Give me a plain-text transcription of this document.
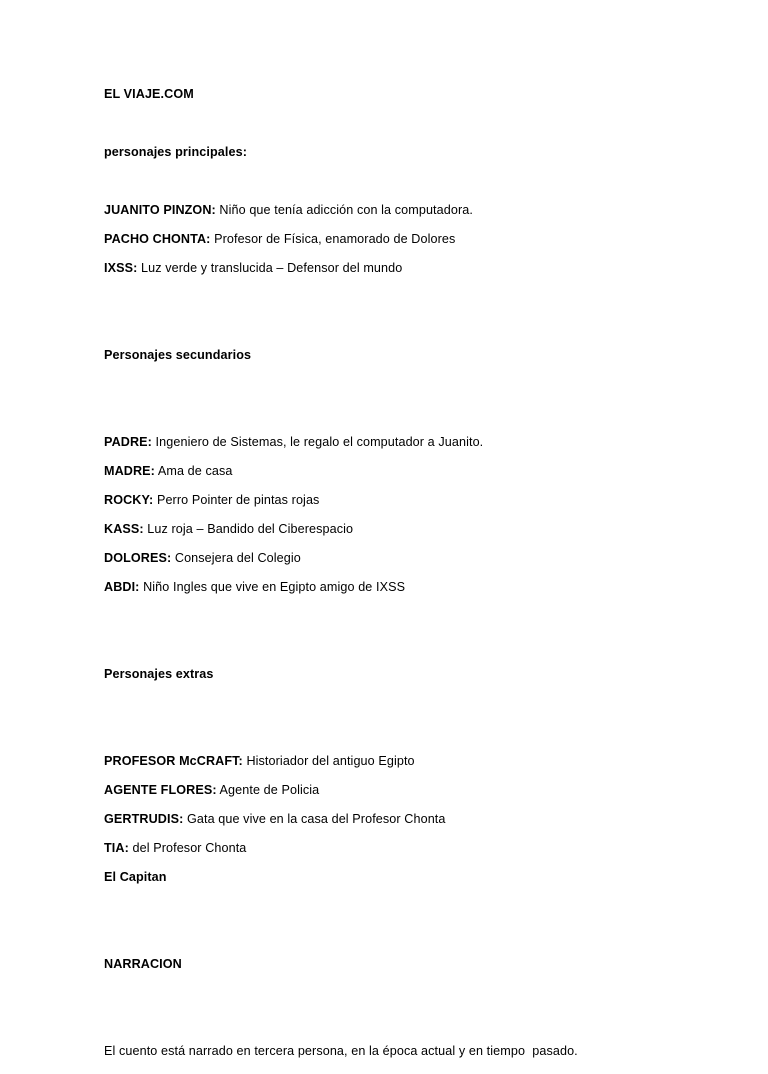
EL VIAJE.COM
personajes principales:
JUANITO PINZON: Niño que tenía adicción con la computadora.
PACHO CHONTA: Profesor de Física, enamorado de Dolores
IXSS: Luz verde y translucida – Defensor del mundo
Personajes secundarios
PADRE: Ingeniero de Sistemas, le regalo el computador a Juanito.
MADRE: Ama de casa
ROCKY: Perro Pointer de pintas rojas
KASS: Luz roja – Bandido del Ciberespacio
DOLORES: Consejera del Colegio
ABDI: Niño Ingles que vive en Egipto amigo de IXSS
Personajes extras
PROFESOR McCRAFT: Historiador del antiguo Egipto
AGENTE FLORES: Agente de Policia
GERTRUDIS: Gata que vive en la casa del Profesor Chonta
TIA: del Profesor Chonta
El Capitan
NARRACION
El cuento está narrado en tercera persona, en la época actual y en tiempo  pasado.
